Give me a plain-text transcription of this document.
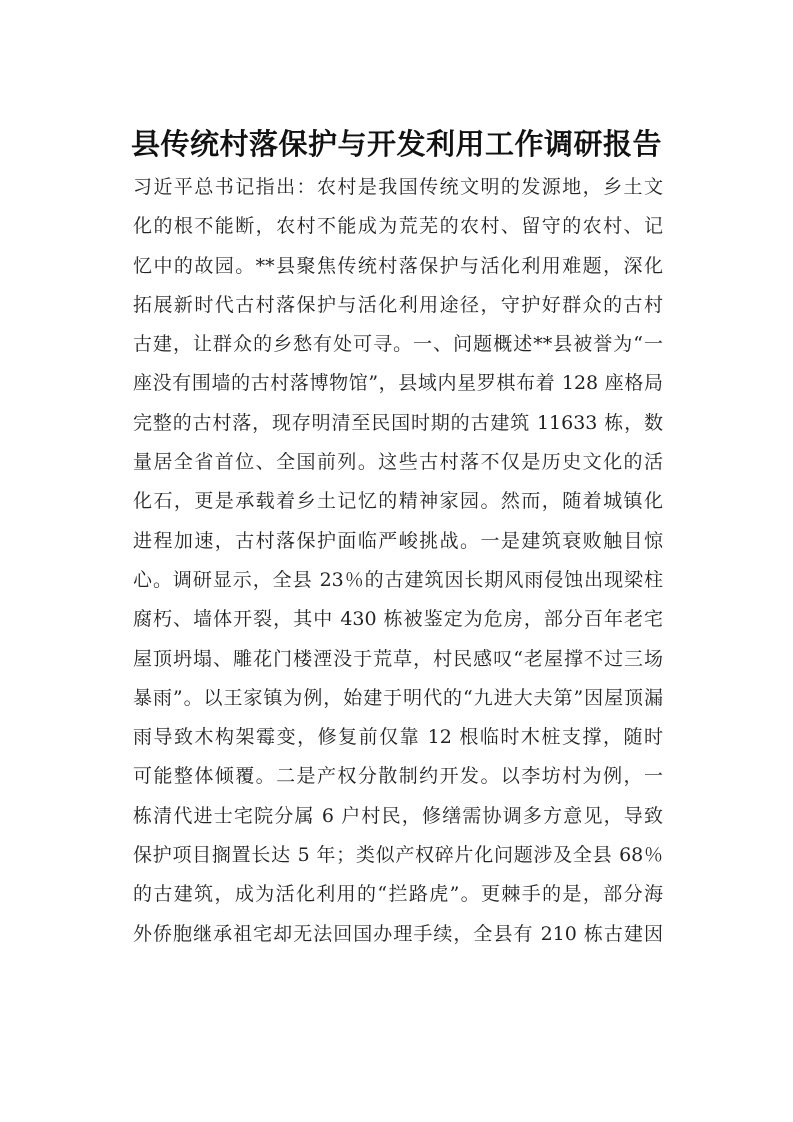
县传统村落保护与开发利用工作调研报告
习近平总书记指出：农村是我国传统文明的发源地，乡土文
化的根不能断，农村不能成为荒芜的农村、留守的农村、记
忆中的故园。**县聚焦传统村落保护与活化利用难题，深化
拓展新时代古村落保护与活化利用途径，守护好群众的古村
古建，让群众的乡愁有处可寻。一、问题概述**县被誉为“一
座没有围墙的古村落博物馆”，县域内星罗棋布着 128 座格局
完整的古村落，现存明清至民国时期的古建筑 11633 栋，数
量居全省首位、全国前列。这些古村落不仅是历史文化的活
化石，更是承载着乡土记忆的精神家园。然而，随着城镇化
进程加速，古村落保护面临严峻挑战。一是建筑衰败触目惊
心。调研显示，全县 23％的古建筑因长期风雨侵蚀出现梁柱
腐朽、墙体开裂，其中 430 栋被鉴定为危房，部分百年老宅
屋顶坍塌、雕花门楼湮没于荒草，村民感叹“老屋撑不过三场
暴雨”。以王家镇为例，始建于明代的“九进大夫第”因屋顶漏
雨导致木构架霉变，修复前仅靠 12 根临时木桩支撑，随时
可能整体倾覆。二是产权分散制约开发。以李坊村为例，一
栋清代进士宅院分属 6 户村民，修缮需协调多方意见，导致
保护项目搁置长达 5 年；类似产权碎片化问题涉及全县 68％
的古建筑，成为活化利用的“拦路虎”。更棘手的是，部分海
外侨胞继承祖宅却无法回国办理手续，全县有 210 栋古建因
